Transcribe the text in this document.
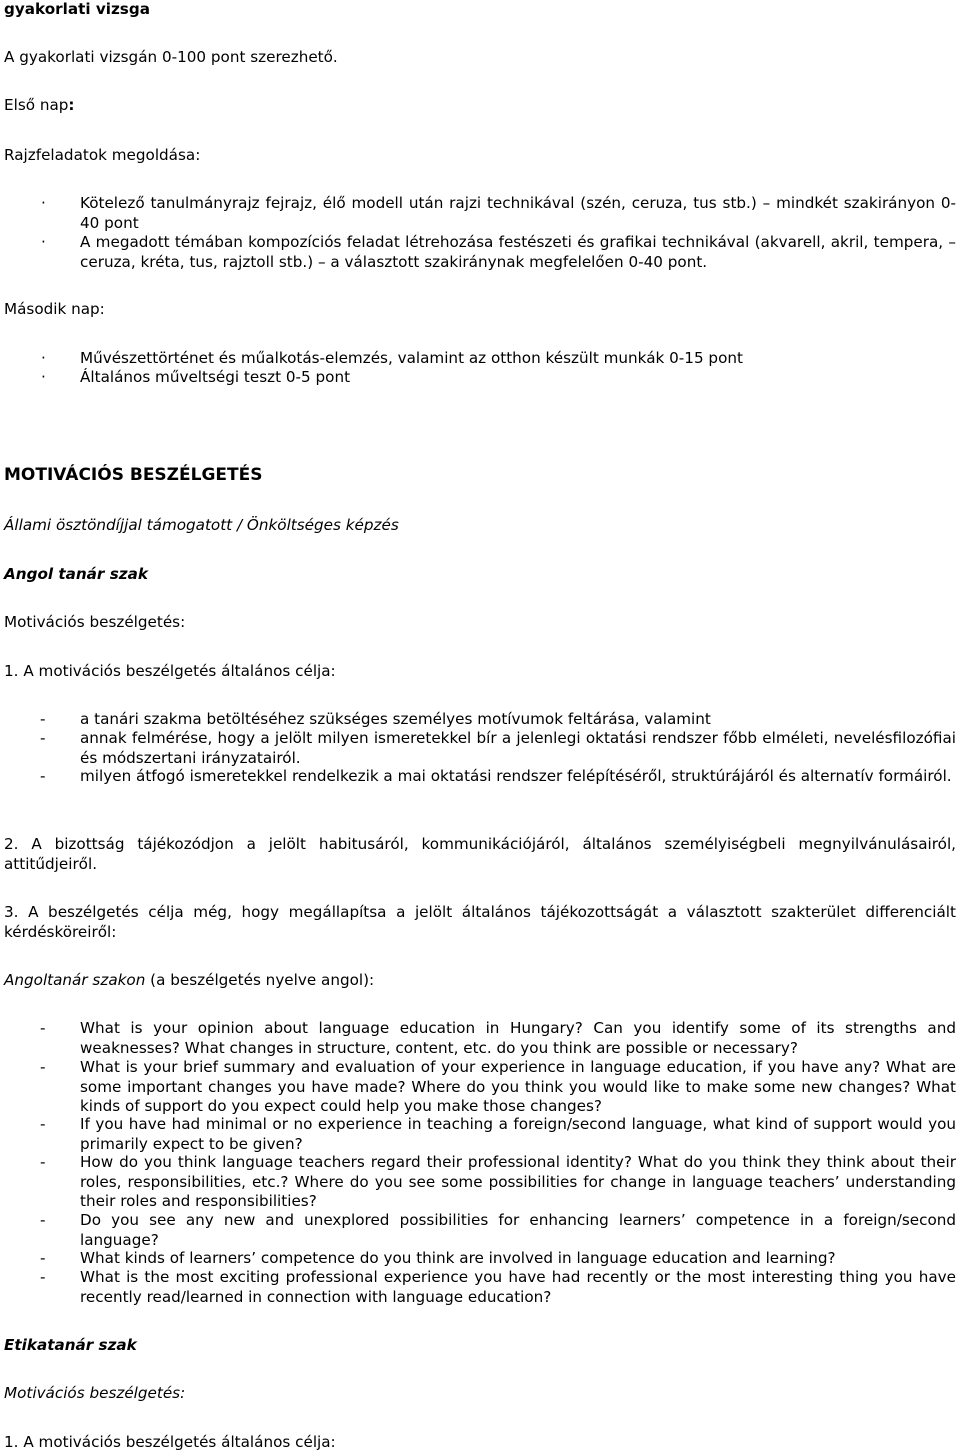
gyakorlati vizsga
A gyakorlati vizsgán 0-100 pont szerezhető.
Első nap:
Rajzfeladatok megoldása:
· Kötelező tanulmányrajz fejrajz, élő modell után rajzi technikával (szén, ceruza, tus stb.) – mindkét szakirányon 0-40 pont
· A megadott témában kompozíciós feladat létrehozása festészeti és grafikai technikával (akvarell, akril, tempera, – ceruza, kréta, tus, rajztoll stb.) – a választott szakiránynak megfelelően 0-40 pont.
Második nap:
· Művészettörténet és műalkotás-elemzés, valamint az otthon készült munkák 0-15 pont
· Általános műveltségi teszt 0-5 pont
MOTIVÁCIÓS BESZÉLGETÉS
Állami ösztöndíjjal támogatott / Önköltséges képzés
Angol tanár szak
Motivációs beszélgetés:
1. A motivációs beszélgetés általános célja:
- a tanári szakma betöltéséhez szükséges személyes motívumok feltárása, valamint
- annak felmérése, hogy a jelölt milyen ismeretekkel bír a jelenlegi oktatási rendszer főbb elméleti, nevelésfilozófiai és módszertani irányzatairól.
- milyen átfogó ismeretekkel rendelkezik a mai oktatási rendszer felépítéséről, struktúrájáról és alternatív formáiról.
2. A bizottság tájékozódjon a jelölt habitusáról, kommunikációjáról, általános személyiségbeli megnyilvánulásairól, attitűdjeiről.
3. A beszélgetés célja még, hogy megállapítsa a jelölt általános tájékozottságát a választott szakterület differenciált kérdésköreiről:
Angoltanár szakon (a beszélgetés nyelve angol):
- What is your opinion about language education in Hungary? Can you identify some of its strengths and weaknesses? What changes in structure, content, etc. do you think are possible or necessary?
- What is your brief summary and evaluation of your experience in language education, if you have any? What are some important changes you have made? Where do you think you would like to make some new changes? What kinds of support do you expect could help you make those changes?
- If you have had minimal or no experience in teaching a foreign/second language, what kind of support would you primarily expect to be given?
- How do you think language teachers regard their professional identity? What do you think they think about their roles, responsibilities, etc.? Where do you see some possibilities for change in language teachers’ understanding their roles and responsibilities?
- Do you see any new and unexplored possibilities for enhancing learners’ competence in a foreign/second language?
- What kinds of learners’ competence do you think are involved in language education and learning?
- What is the most exciting professional experience you have had recently or the most interesting thing you have recently read/learned in connection with language education?
Etikatanár szak
Motivációs beszélgetés:
1. A motivációs beszélgetés általános célja:
